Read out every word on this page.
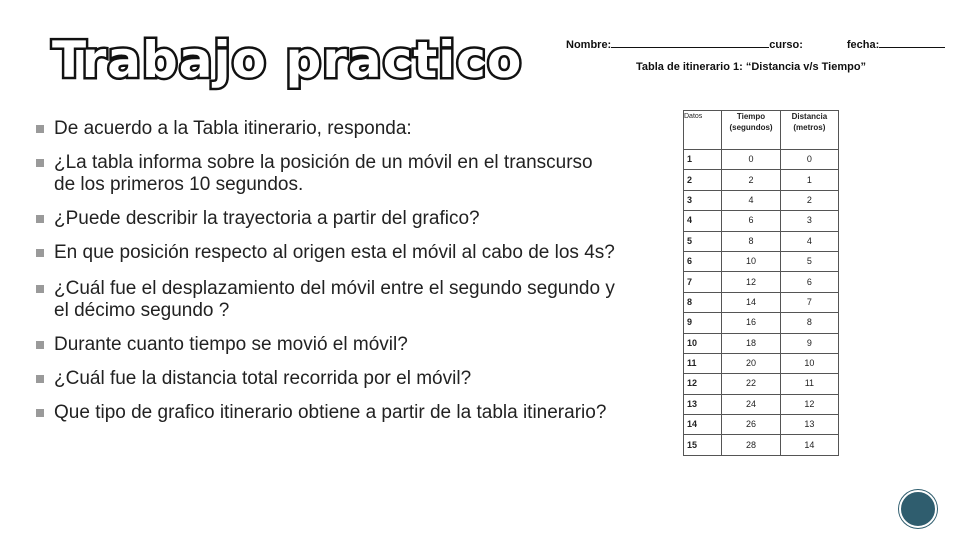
Trabajo practico
De acuerdo a la Tabla itinerario, responda:
¿La tabla informa sobre la posición de un móvil en el transcurso de los primeros 10 segundos.
¿Puede describir la trayectoria a partir del grafico?
En que posición respecto al origen esta el móvil al cabo de los 4s?
¿Cuál fue el desplazamiento del móvil entre el segundo segundo y el décimo segundo ?
Durante cuanto tiempo se movió el móvil?
¿Cuál fue la distancia total recorrida por el móvil?
Que tipo de grafico itinerario obtiene a partir de la tabla itinerario?
Nombre:	curso:	fecha:
Tabla de itinerario 1: “Distancia v/s Tiempo”
Datos	Tiempo (segundos)	Distancia (metros)
1	0	0
2	2	1
3	4	2
4	6	3
5	8	4
6	10	5
7	12	6
8	14	7
9	16	8
10	18	9
11	20	10
12	22	11
13	24	12
14	26	13
15	28	14
